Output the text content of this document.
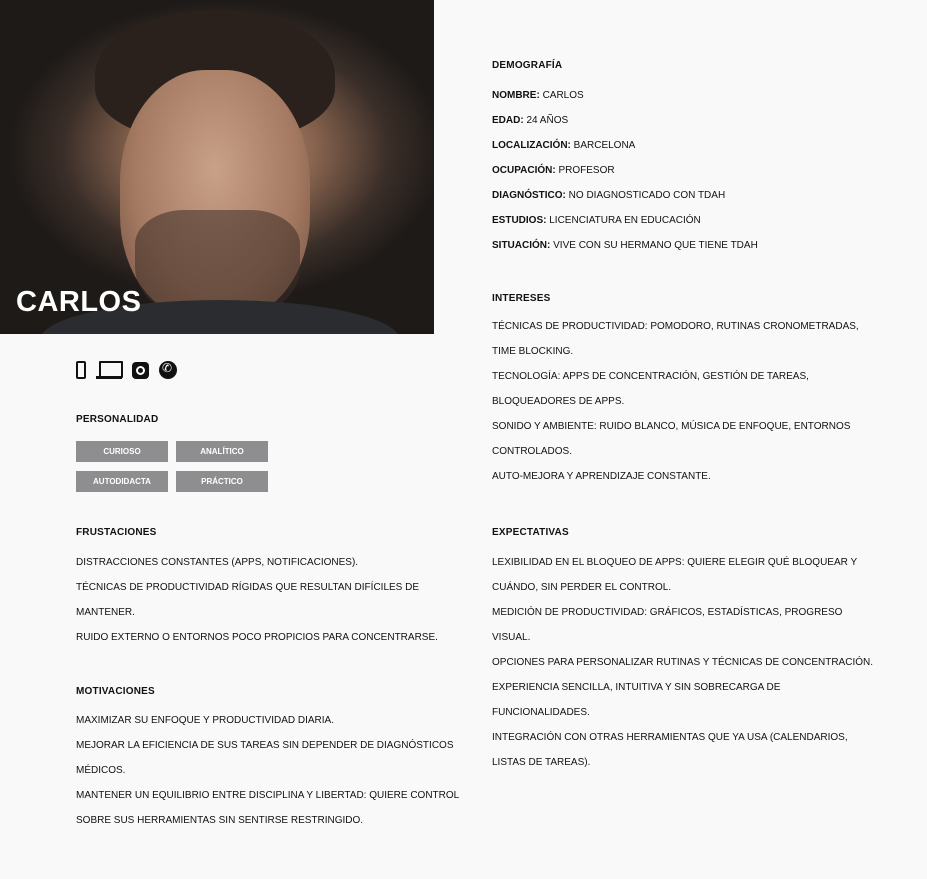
CARLOS
✆
PERSONALIDAD
CURIOSO	ANALÍTICO
AUTODIDACTA	PRÁCTICO
FRUSTACIONES
DISTRACCIONES CONSTANTES (APPS, NOTIFICACIONES).
TÉCNICAS DE PRODUCTIVIDAD RÍGIDAS QUE RESULTAN DIFÍCILES DE
MANTENER.
RUIDO EXTERNO O ENTORNOS POCO PROPICIOS PARA CONCENTRARSE.
MOTIVACIONES
MAXIMIZAR SU ENFOQUE Y PRODUCTIVIDAD DIARIA.
MEJORAR LA EFICIENCIA DE SUS TAREAS SIN DEPENDER DE DIAGNÓSTICOS
MÉDICOS.
MANTENER UN EQUILIBRIO ENTRE DISCIPLINA Y LIBERTAD: QUIERE CONTROL
SOBRE SUS HERRAMIENTAS SIN SENTIRSE RESTRINGIDO.
DEMOGRAFÍA
NOMBRE: CARLOS
EDAD: 24 AÑOS
LOCALIZACIÓN: BARCELONA
OCUPACIÓN: PROFESOR
DIAGNÓSTICO: NO DIAGNOSTICADO CON TDAH
ESTUDIOS: LICENCIATURA EN EDUCACIÓN
SITUACIÓN: VIVE CON SU HERMANO QUE TIENE TDAH
INTERESES
TÉCNICAS DE PRODUCTIVIDAD: POMODORO, RUTINAS CRONOMETRADAS,
TIME BLOCKING.
TECNOLOGÍA: APPS DE CONCENTRACIÓN, GESTIÓN DE TAREAS,
BLOQUEADORES DE APPS.
SONIDO Y AMBIENTE: RUIDO BLANCO, MÚSICA DE ENFOQUE, ENTORNOS
CONTROLADOS.
AUTO-MEJORA Y APRENDIZAJE CONSTANTE.
EXPECTATIVAS
LEXIBILIDAD EN EL BLOQUEO DE APPS: QUIERE ELEGIR QUÉ BLOQUEAR Y
CUÁNDO, SIN PERDER EL CONTROL.
MEDICIÓN DE PRODUCTIVIDAD: GRÁFICOS, ESTADÍSTICAS, PROGRESO
VISUAL.
OPCIONES PARA PERSONALIZAR RUTINAS Y TÉCNICAS DE CONCENTRACIÓN.
EXPERIENCIA SENCILLA, INTUITIVA Y SIN SOBRECARGA DE
FUNCIONALIDADES.
INTEGRACIÓN CON OTRAS HERRAMIENTAS QUE YA USA (CALENDARIOS,
LISTAS DE TAREAS).
